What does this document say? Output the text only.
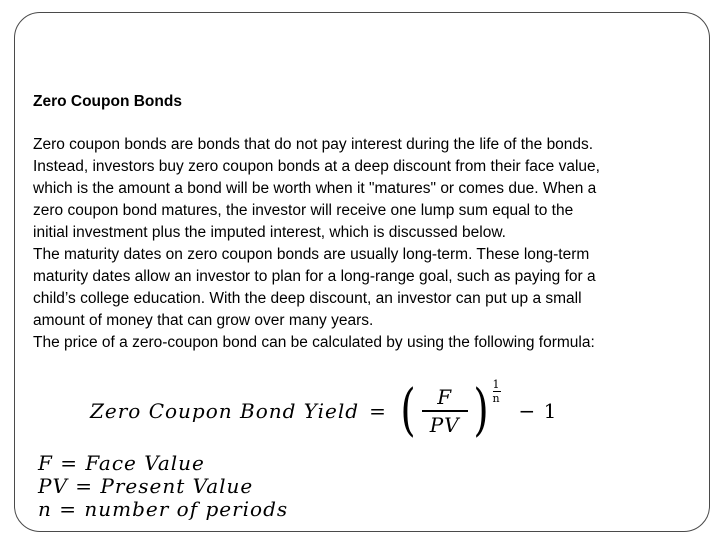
Zero Coupon Bonds
Zero coupon bonds are bonds that do not pay interest during the life of the bonds.
Instead, investors buy zero coupon bonds at a deep discount from their face value,
which is the amount a bond will be worth when it "matures" or comes due. When a
zero coupon bond matures, the investor will receive one lump sum equal to the
initial investment plus the imputed interest, which is discussed below.
The maturity dates on zero coupon bonds are usually long-term. These long-term
maturity dates allow an investor to plan for a long-range goal, such as paying for a
child’s college education. With the deep discount, an investor can put up a small
amount of money that can grow over many years.
The price of a zero-coupon bond can be calculated by using the following formula:
Zero Coupon Bond Yield = ( $\frac{F}{PV}$ ) 1
n
− 1
F = Face Value
PV = Present Value
n = number of periods
